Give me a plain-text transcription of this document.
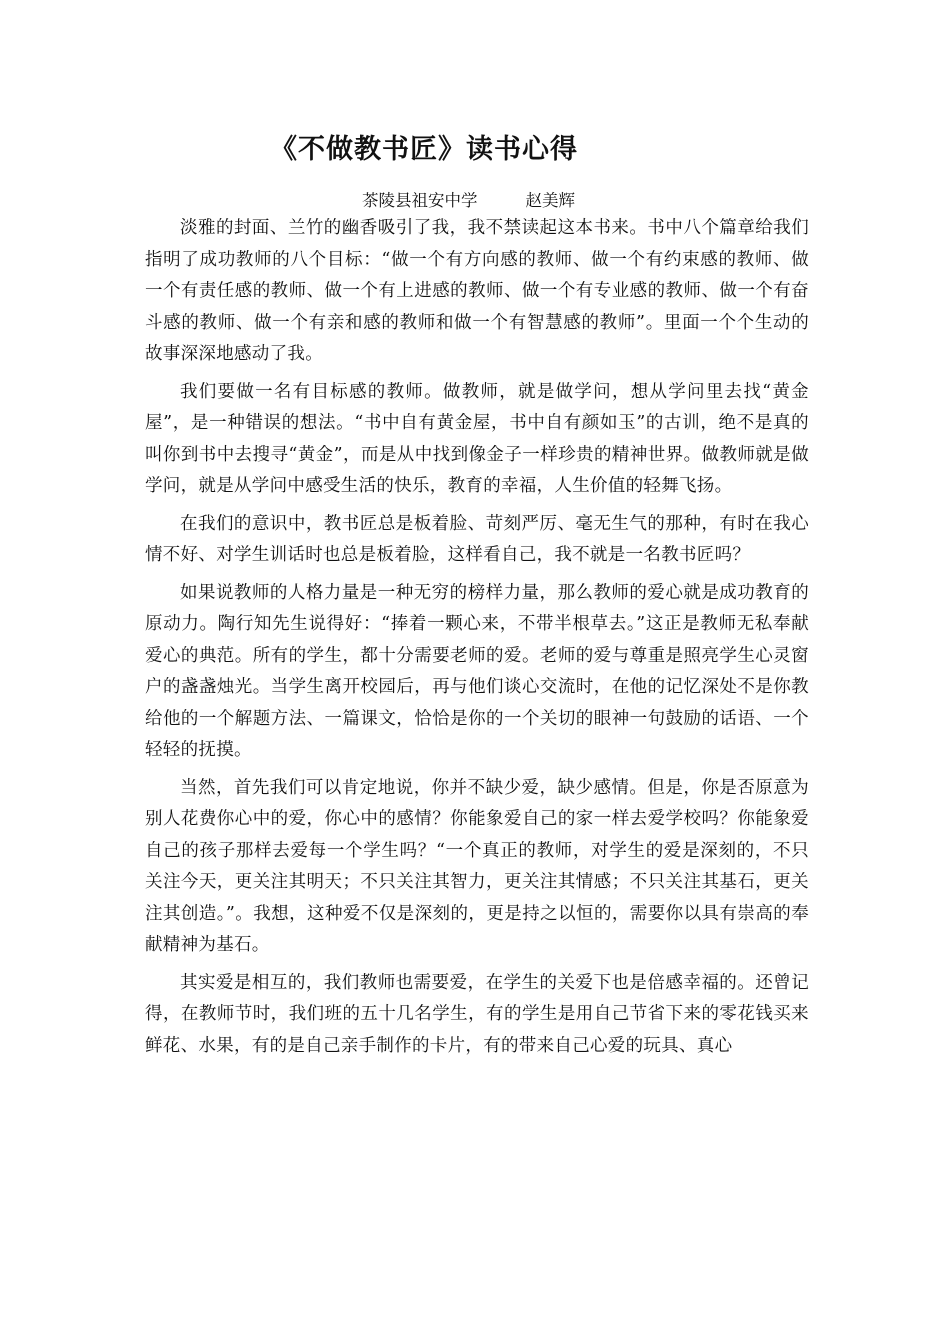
《不做教书匠》读书心得

茶陵县祖安中学	赵美辉

淡雅的封面、兰竹的幽香吸引了我，我不禁读起这本书来。书中八个篇章给我们指明了成功教师的八个目标：“做一个有方向感的教师、做一个有约束感的教师、做一个有责任感的教师、做一个有上进感的教师、做一个有专业感的教师、做一个有奋斗感的教师、做一个有亲和感的教师和做一个有智慧感的教师”。里面一个个生动的故事深深地感动了我。

我们要做一名有目标感的教师。做教师，就是做学问，想从学问里去找“黄金屋”，是一种错误的想法。“书中自有黄金屋，书中自有颜如玉”的古训，绝不是真的叫你到书中去搜寻“黄金”，而是从中找到像金子一样珍贵的精神世界。做教师就是做学问，就是从学问中感受生活的快乐，教育的幸福，人生价值的轻舞飞扬。

在我们的意识中，教书匠总是板着脸、苛刻严厉、毫无生气的那种，有时在我心情不好、对学生训话时也总是板着脸，这样看自己，我不就是一名教书匠吗？

如果说教师的人格力量是一种无穷的榜样力量，那么教师的爱心就是成功教育的原动力。陶行知先生说得好：“捧着一颗心来，不带半根草去。”这正是教师无私奉献爱心的典范。所有的学生，都十分需要老师的爱。老师的爱与尊重是照亮学生心灵窗户的盏盏烛光。当学生离开校园后，再与他们谈心交流时，在他的记忆深处不是你教给他的一个解题方法、一篇课文，恰恰是你的一个关切的眼神一句鼓励的话语、一个轻轻的抚摸。

当然，首先我们可以肯定地说，你并不缺少爱，缺少感情。但是，你是否原意为别人花费你心中的爱，你心中的感情？你能象爱自己的家一样去爱学校吗？你能象爱自己的孩子那样去爱每一个学生吗？“一个真正的教师，对学生的爱是深刻的，不只关注今天，更关注其明天；不只关注其智力，更关注其情感；不只关注其基石，更关注其创造。”。我想，这种爱不仅是深刻的，更是持之以恒的，需要你以具有崇高的奉献精神为基石。

其实爱是相互的，我们教师也需要爱，在学生的关爱下也是倍感幸福的。还曾记得，在教师节时，我们班的五十几名学生，有的学生是用自己节省下来的零花钱买来鲜花、水果，有的是自己亲手制作的卡片，有的带来自己心爱的玩具、真心
